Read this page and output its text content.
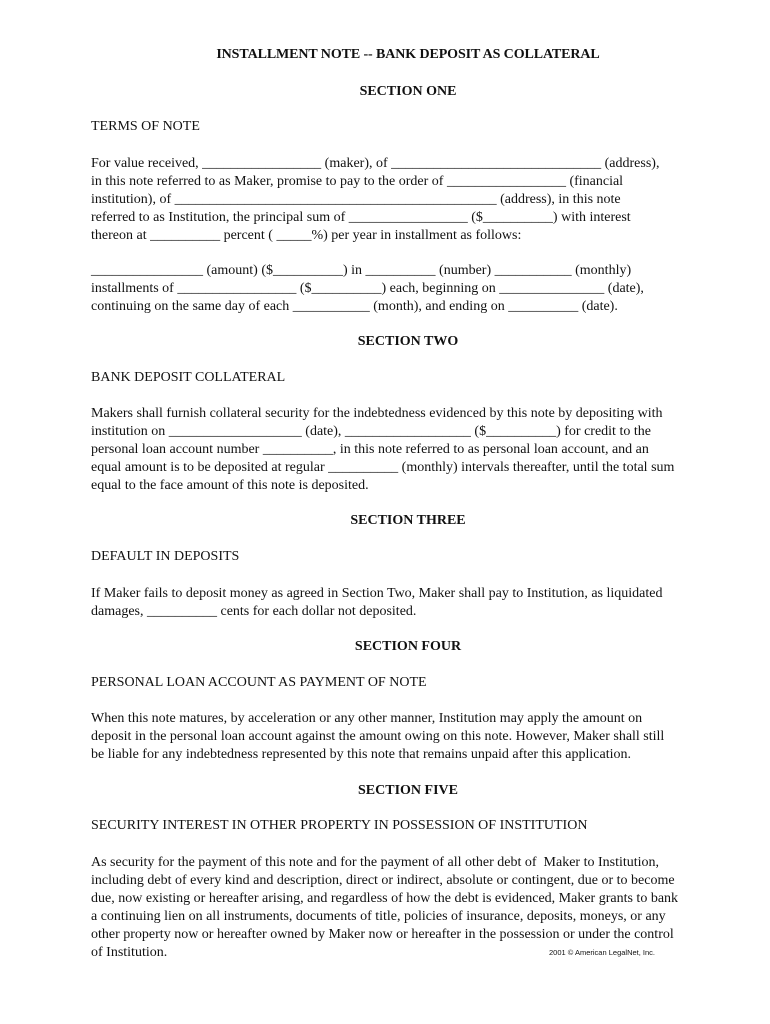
INSTALLMENT NOTE -- BANK DEPOSIT AS COLLATERAL
SECTION ONE
TERMS OF NOTE
For value received, _________________ (maker), of ______________________________ (address),
in this note referred to as Maker, promise to pay to the order of _________________ (financial
institution), of ______________________________________________ (address), in this note
referred to as Institution, the principal sum of _________________ ($__________) with interest
thereon at __________ percent ( _____%) per year in installment as follows:
________________ (amount) ($__________) in __________ (number) ___________ (monthly)
installments of _________________ ($__________) each, beginning on _______________ (date),
continuing on the same day of each ___________ (month), and ending on __________ (date).
SECTION TWO
BANK DEPOSIT COLLATERAL
Makers shall furnish collateral security for the indebtedness evidenced by this note by depositing with
institution on ___________________ (date), __________________ ($__________) for credit to the
personal loan account number __________, in this note referred to as personal loan account, and an
equal amount is to be deposited at regular __________ (monthly) intervals thereafter, until the total sum
equal to the face amount of this note is deposited.
SECTION THREE
DEFAULT IN DEPOSITS
If Maker fails to deposit money as agreed in Section Two, Maker shall pay to Institution, as liquidated
damages, __________ cents for each dollar not deposited.
SECTION FOUR
PERSONAL LOAN ACCOUNT AS PAYMENT OF NOTE
When this note matures, by acceleration or any other manner, Institution may apply the amount on
deposit in the personal loan account against the amount owing on this note. However, Maker shall still
be liable for any indebtedness represented by this note that remains unpaid after this application.
SECTION FIVE
SECURITY INTEREST IN OTHER PROPERTY IN POSSESSION OF INSTITUTION
As security for the payment of this note and for the payment of all other debt of  Maker to Institution,
including debt of every kind and description, direct or indirect, absolute or contingent, due or to become
due, now existing or hereafter arising, and regardless of how the debt is evidenced, Maker grants to bank
a continuing lien on all instruments, documents of title, policies of insurance, deposits, moneys, or any
other property now or hereafter owned by Maker now or hereafter in the possession or under the control
of Institution.	2001 © American LegalNet, Inc.
